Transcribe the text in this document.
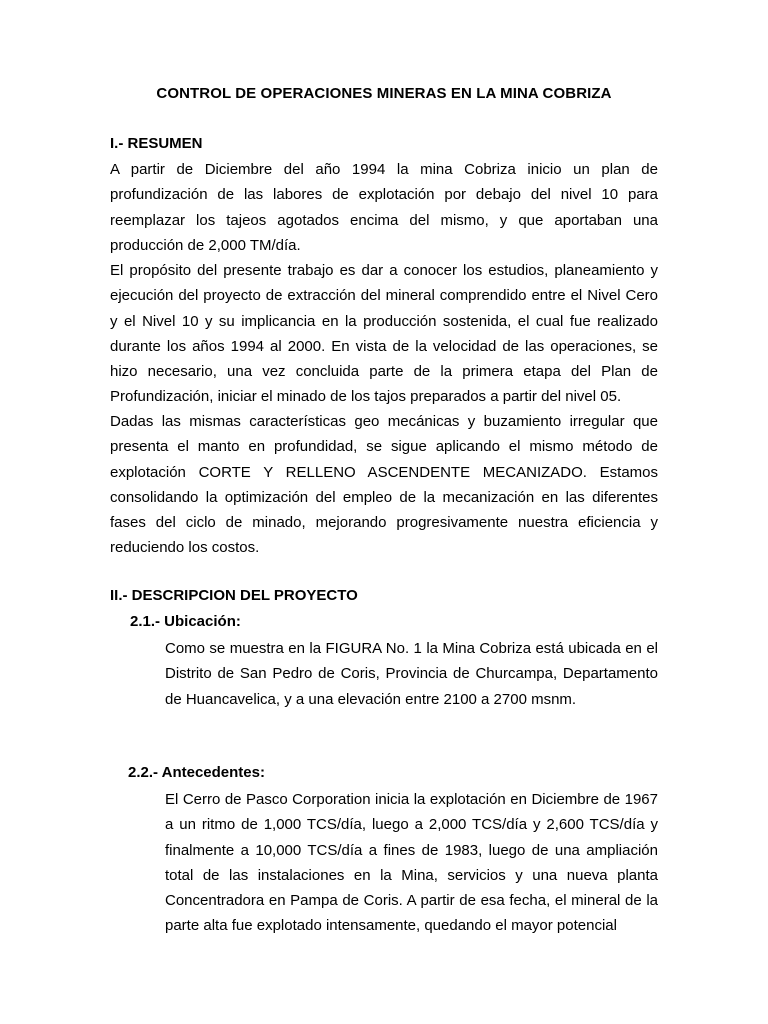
CONTROL DE OPERACIONES MINERAS EN LA MINA COBRIZA
I.- RESUMEN

A partir de Diciembre del año 1994 la mina Cobriza inicio un plan de profundización de las labores de explotación por debajo del nivel 10 para reemplazar los tajeos agotados encima del mismo, y que aportaban una producción de 2,000 TM/día.

El propósito del presente trabajo es dar a conocer los estudios, planeamiento y ejecución del proyecto de extracción del mineral comprendido entre el Nivel Cero y el Nivel 10 y su implicancia en la producción sostenida, el cual fue realizado durante los años 1994 al 2000. En vista de la velocidad de las operaciones, se hizo necesario, una vez concluida parte de la primera etapa del Plan de Profundización, iniciar el minado de los tajos preparados a partir del nivel 05.

Dadas las mismas características geo mecánicas y buzamiento irregular que presenta el manto en profundidad, se sigue aplicando el mismo método de explotación CORTE Y RELLENO ASCENDENTE MECANIZADO. Estamos consolidando la optimización del empleo de la mecanización en las diferentes fases del ciclo de minado, mejorando progresivamente nuestra eficiencia y reduciendo los costos.

II.- DESCRIPCION DEL PROYECTO
2.1.- Ubicación:

Como se muestra en la FIGURA No. 1 la Mina Cobriza está ubicada en el Distrito de San Pedro de Coris, Provincia de Churcampa, Departamento de Huancavelica, y a una elevación entre 2100 a 2700 msnm.

2.2.- Antecedentes:

El Cerro de Pasco Corporation inicia la explotación en Diciembre de 1967 a un ritmo de 1,000 TCS/día, luego a 2,000 TCS/día y 2,600 TCS/día y finalmente a 10,000 TCS/día a fines de 1983, luego de una ampliación total de las instalaciones en la Mina, servicios y una nueva planta Concentradora en Pampa de Coris. A partir de esa fecha, el mineral de la parte alta fue explotado intensamente, quedando el mayor potencial
